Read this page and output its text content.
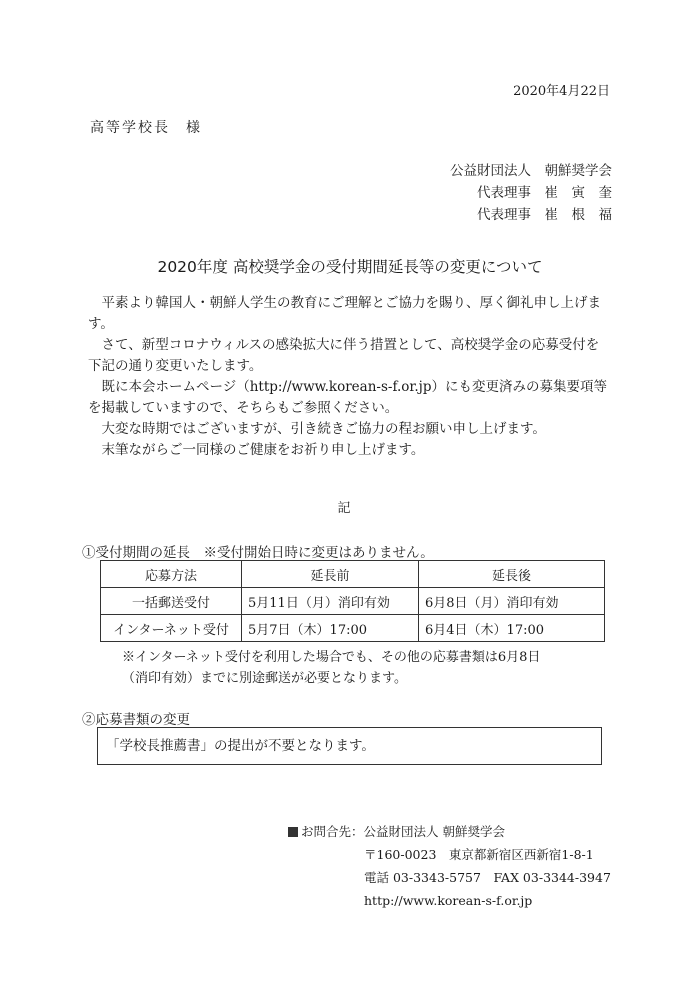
2020年4月22日
高等学校長　様
公益財団法人　朝鮮奨学会
代表理事　崔　寅　奎
代表理事　崔　根　福
2020年度 高校奨学金の受付期間延長等の変更について

　平素より韓国人・朝鮮人学生の教育にご理解とご協力を賜り、厚く御礼申し上げます。

　さて、新型コロナウィルスの感染拡大に伴う措置として、高校奨学金の応募受付を下記の通り変更いたします。

　既に本会ホームページ（http://www.korean-s-f.or.jp）にも変更済みの募集要項等を掲載していますので、そちらもご参照ください。

　大変な時期ではございますが、引き続きご協力の程お願い申し上げます。

　末筆ながらご一同様のご健康をお祈り申し上げます。

記
①受付期間の延長　※受付開始日時に変更はありません。
応募方法	延長前	延長後
一括郵送受付	5月11日（月）消印有効	6月8日（月）消印有効
インターネット受付	5月7日（木）17:00	6月4日（木）17:00
※インターネット受付を利用した場合でも、その他の応募書類は6月8日
（消印有効）までに別途郵送が必要となります。
②応募書類の変更
「学校長推薦書」の提出が不要となります。
お問合先：公益財団法人 朝鮮奨学会
〒160-0023　東京都新宿区西新宿1-8-1
電話 03-3343-5757　FAX 03-3344-3947
http://www.korean-s-f.or.jp
